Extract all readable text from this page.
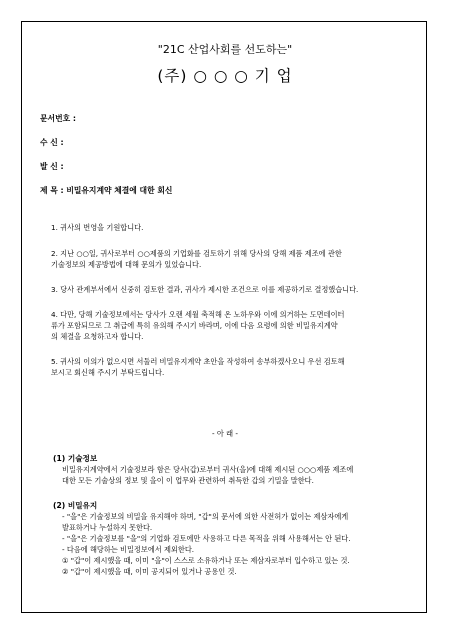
"21C 산업사회를 선도하는"
(주) ○ ○ ○ 기 업
문서번호 :
수 신 :
발 신 :
제 목 : 비밀유지계약 체결에 대한 회신
1. 귀사의 번영을 기원합니다.
2. 지난 ○○일, 귀사로부터 ○○제품의 기업화를 검토하기 위해 당사의 당해 제품 제조에 관한
기술정보의 제공방법에 대해 문의가 있었습니다.
3. 당사 관계부서에서 신중히 검토한 결과, 귀사가 제시한 조건으로 이를 제공하기로 결정했습니다.
4. 다만, 당해 기술정보에서는 당사가 오랜 세월 축적해 온 노하우와 이에 의거하는 도면데이터
류가 포함되므로 그 취급에 특히 유의해 주시기 바라며, 이에 다음 요령에 의한 비밀유지계약
의 체결을 요청하고자 합니다.
5. 귀사의 이의가 없으시면 서둘러 비밀유지계약 초안을 작성하여 송부하겠사오니 우선 검토해
보시고 회신해 주시기 부탁드립니다.
- 아 래 -
(1) 기술정보
비밀유지계약에서 기술정보라 함은 당사(갑)로부터 귀사(을)에 대해 제시된 ○○○제품 제조에
대한 모든 기술상의 정보 및 을이 이 업무와 관련하여 취득한 갑의 기밀을 말한다.
(2) 비밀유지
- "을"은 기술정보의 비밀을 유지해야 하며, "갑"의 문서에 의한 사전허가 없이는 제삼자에게
발표하거나 누설하지 못한다.
- "을"은 기술정보를 "을"의 기업화 검토에만 사용하고 다른 목적을 위해 사용해서는 안 된다.
- 다음에 해당하는 비밀정보에서 제외한다.
① "갑"이 제시했을 때, 이미 "을"이 스스로 소유하거나 또는 제삼자로부터 입수하고 있는 것.
② "갑"이 제시했을 때, 이미 공지되어 있거나 공용인 것.
